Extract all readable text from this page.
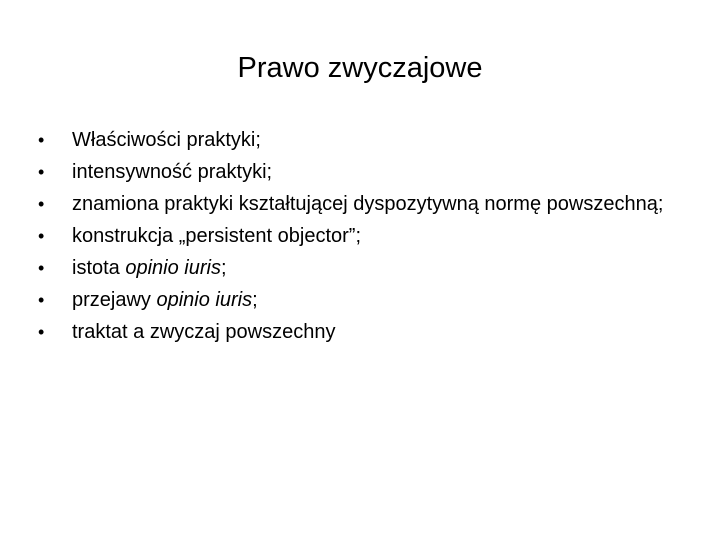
Prawo zwyczajowe
•	Właściwości praktyki;
•	intensywność praktyki;
•	znamiona praktyki kształtującej dyspozytywną normę powszechną;
•	konstrukcja „persistent objector”;
•	istota opinio iuris;
•	przejawy opinio iuris;
•	traktat a zwyczaj powszechny
